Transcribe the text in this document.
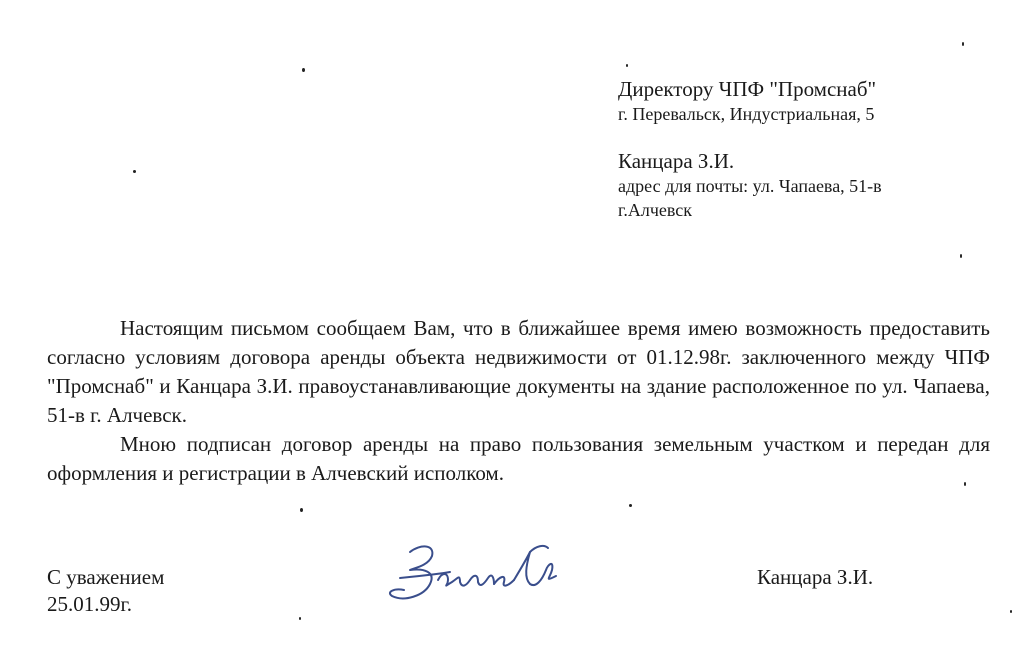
Директору ЧПФ "Промснаб"
г. Перевальск, Индустриальная, 5
Канцара З.И.
адрес для почты: ул. Чапаева, 51-в
г.Алчевск

Настоящим письмом сообщаем Вам, что в ближайшее время имею возможность предоставить согласно условиям договора аренды объекта недвижимости от 01.12.98г. заключенного между ЧПФ "Промснаб" и Канцара З.И. правоустанавливающие документы на здание расположенное по ул. Чапаева, 51-в г. Алчевск.

Мною подписан договор аренды на право пользования земельным участком и передан для оформления и регистрации в Алчевский исполком.

С уважением
25.01.99г.
Канцара З.И.
